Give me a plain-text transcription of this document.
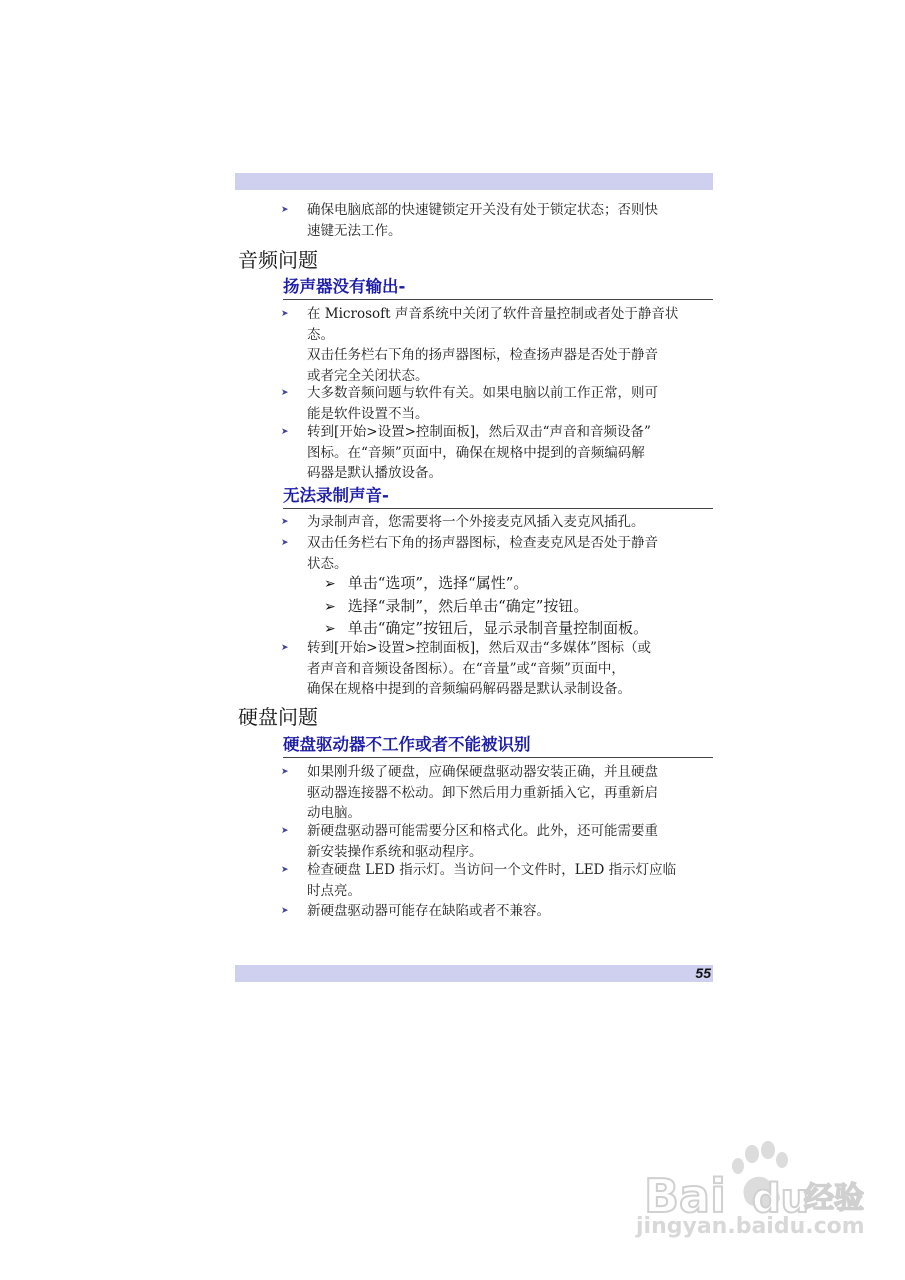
➤ 确保电脑底部的快速键锁定开关没有处于锁定状态；否则快
速键无法工作。
音频问题
扬声器没有输出-
➤ 在 Microsoft 声音系统中关闭了软件音量控制或者处于静音状
态。
双击任务栏右下角的扬声器图标，检查扬声器是否处于静音
或者完全关闭状态。
➤ 大多数音频问题与软件有关。如果电脑以前工作正常，则可
能是软件设置不当。
➤ 转到[开始>设置>控制面板]，然后双击“声音和音频设备”
图标。在“音频”页面中，确保在规格中提到的音频编码解
码器是默认播放设备。
无法录制声音-
➤ 为录制声音，您需要将一个外接麦克风插入麦克风插孔。
➤ 双击任务栏右下角的扬声器图标，检查麦克风是否处于静音
状态。
➢ 单击“选项”，选择“属性”。
➢ 选择“录制”，然后单击“确定”按钮。
➢ 单击“确定”按钮后，显示录制音量控制面板。
➤ 转到[开始>设置>控制面板]，然后双击“多媒体”图标（或
者声音和音频设备图标）。在“音量”或“音频”页面中，
确保在规格中提到的音频编码解码器是默认录制设备。
硬盘问题
硬盘驱动器不工作或者不能被识别
➤ 如果刚升级了硬盘，应确保硬盘驱动器安装正确，并且硬盘
驱动器连接器不松动。卸下然后用力重新插入它，再重新启
动电脑。
➤ 新硬盘驱动器可能需要分区和格式化。此外，还可能需要重
新安装操作系统和驱动程序。
➤ 检查硬盘 LED 指示灯。当访问一个文件时，LED 指示灯应临
时点亮。
➤ 新硬盘驱动器可能存在缺陷或者不兼容。
55
Bai du
经验
jingyan.baidu.com
